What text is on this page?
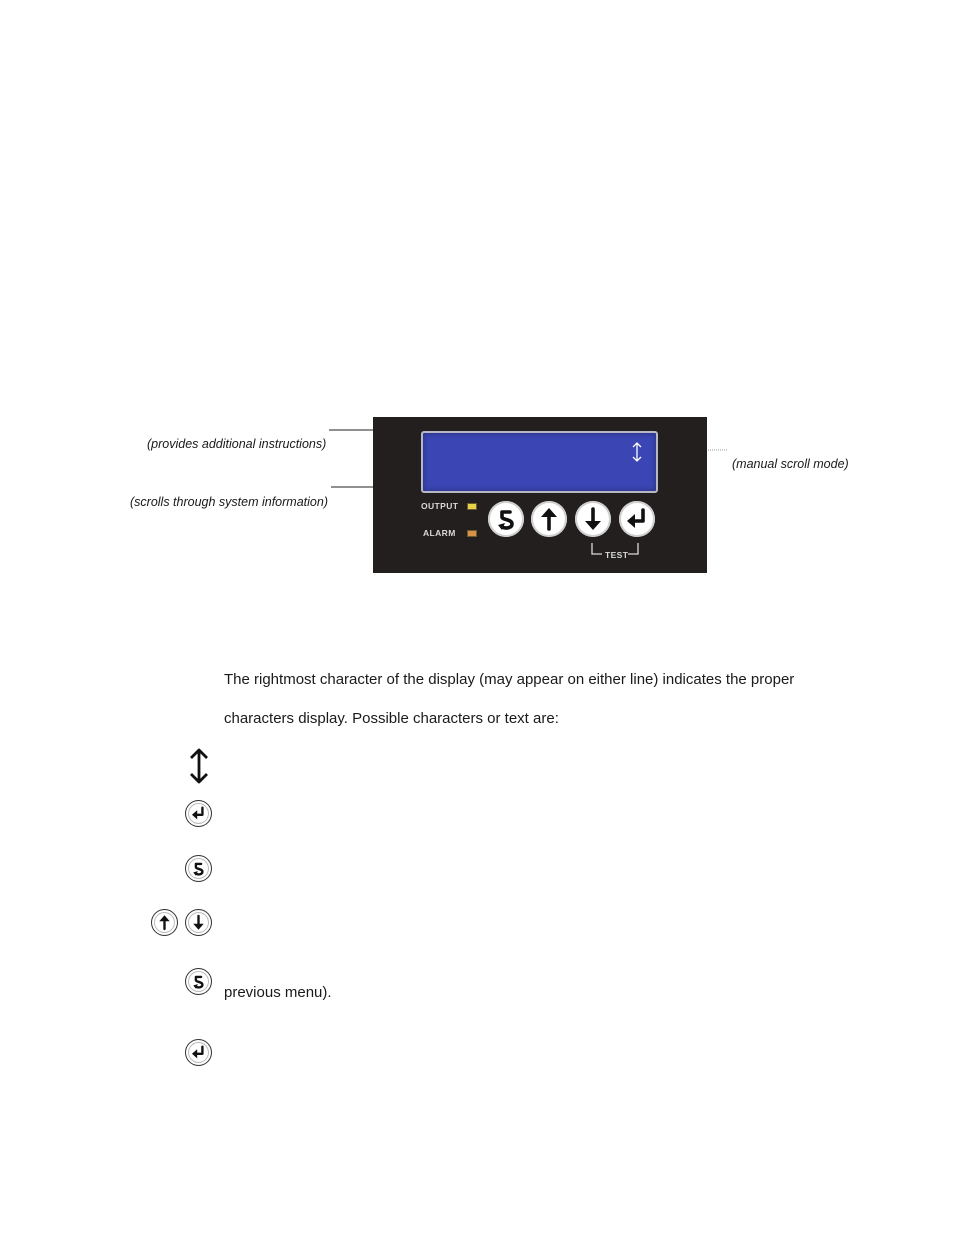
(provides additional instructions)
(scrolls through system information)
(manual scroll mode)
OUTPUT
ALARM
TEST
The rightmost character of the display (may appear on either line) indicates the proper
characters display. Possible characters or text are:
previous menu).
